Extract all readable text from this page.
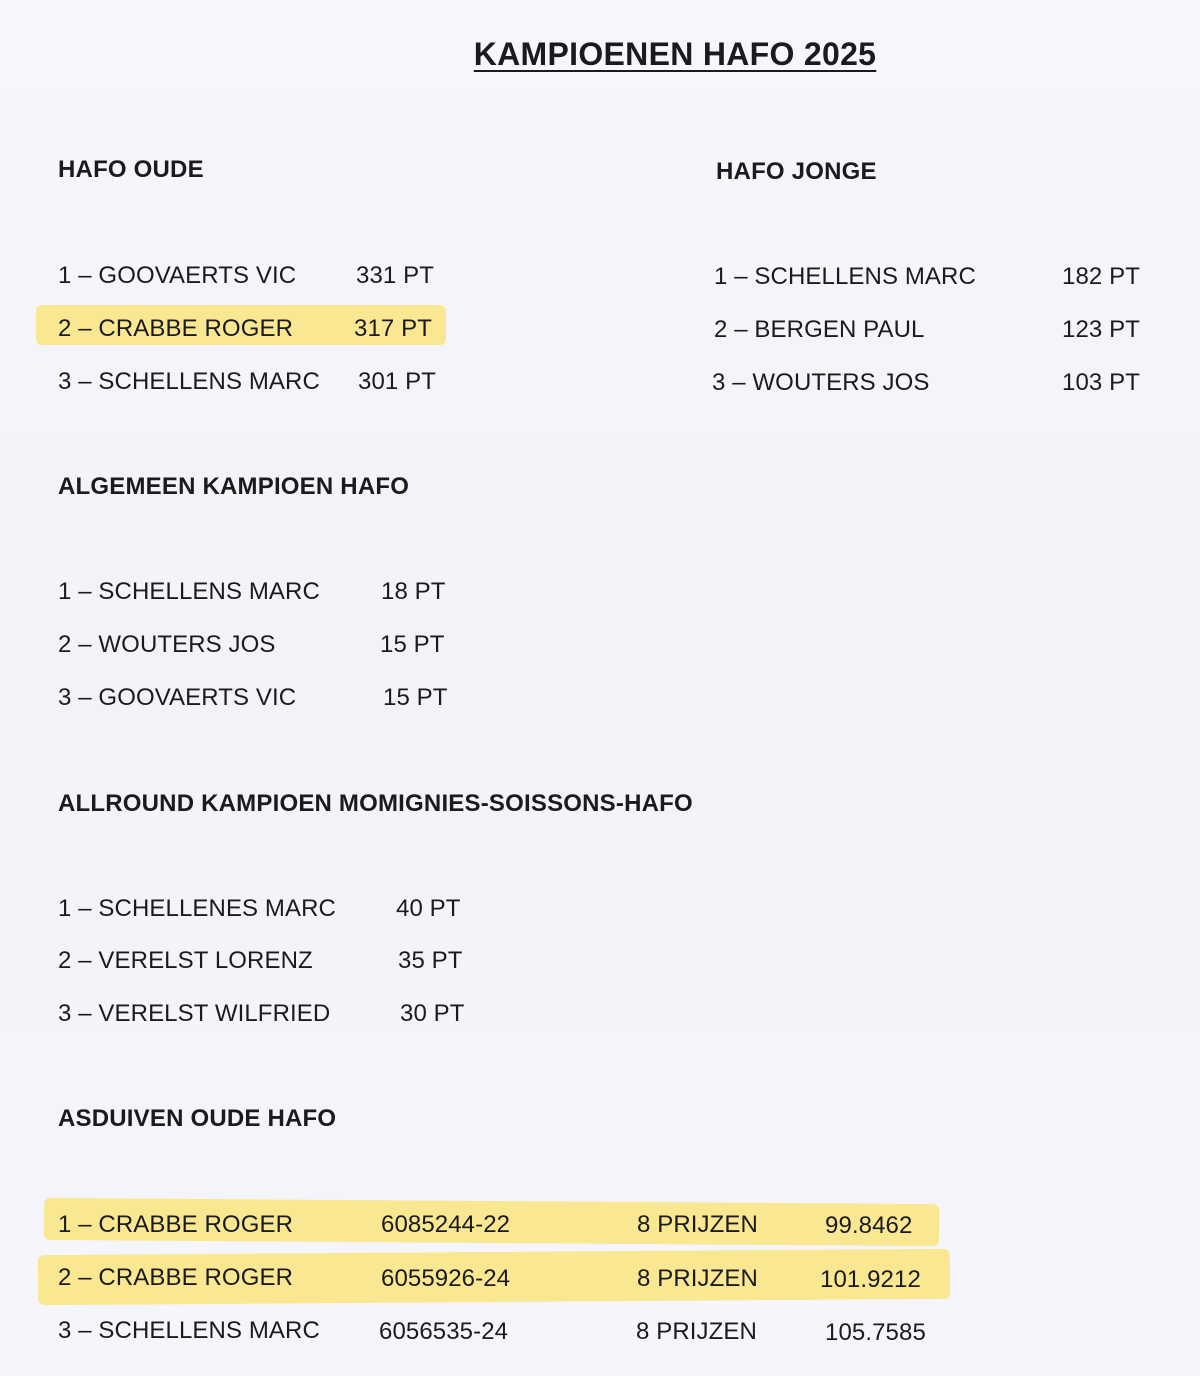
KAMPIOENEN HAFO 2025
HAFO OUDE
1 – GOOVAERTS VIC 331 PT
2 – CRABBE ROGER	317 PT
3 – SCHELLENS MARC 301 PT
HAFO JONGE
1 – SCHELLENS MARC	182 PT
2 – BERGEN PAUL	123 PT
3 – WOUTERS JOS	103 PT
ALGEMEEN KAMPIOEN HAFO
1 – SCHELLENS MARC	18 PT
2 – WOUTERS JOS	15 PT
3 – GOOVAERTS VIC	15 PT
ALLROUND KAMPIOEN MOMIGNIES-SOISSONS-HAFO
1 – SCHELLENES MARC	40 PT
2 – VERELST LORENZ	35 PT
3 – VERELST WILFRIED	30 PT
ASDUIVEN OUDE HAFO
1 – CRABBE ROGER	6085244-22	8 PRIJZEN	99.8462
2 – CRABBE ROGER	6055926-24	8 PRIJZEN	101.9212
3 – SCHELLENS MARC 6056535-24	8 PRIJZEN	105.7585
